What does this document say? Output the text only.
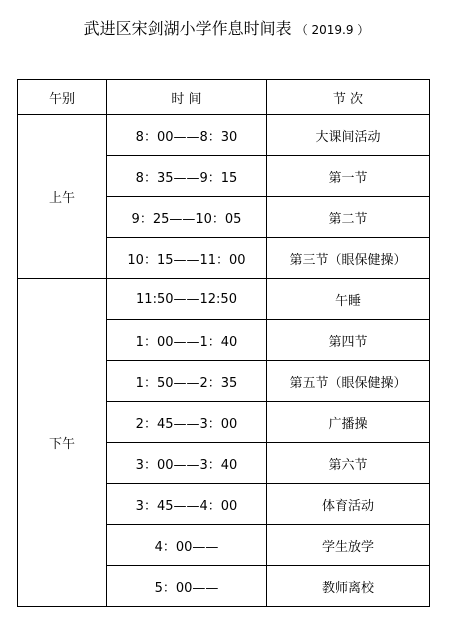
武进区宋剑湖小学作息时间表 （ 2019.9 ）
午别	时 间	节 次
上午	8：00——8：30	大课间活动
	8：35——9：15	第一节
	9：25——10：05	第二节
	10：15——11：00	第三节（眼保健操）
下午	11:50——12:50	午睡
	1：00——1：40	第四节
	1：50——2：35	第五节（眼保健操）
	2：45——3：00	广播操
	3：00——3：40	第六节
	3：45——4：00	体育活动
	4：00——	学生放学
	5：00——	教师离校
